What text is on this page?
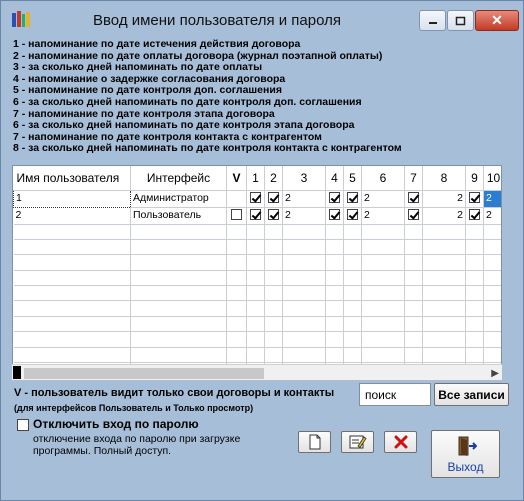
Ввод имени пользователя и пароля	✕
1 - напоминание по дате истечения действия договора
2 - напоминание по дате оплаты договора (журнал поэтапной оплаты)
3 - за сколько дней напоминать по дате оплаты
4 - напоминание о задержке согласования договора
5 - напоминание по дате контроля доп. соглашения
6 - за сколько дней напоминать по дате контроля доп. соглашения
7 - напоминание по дате контроля этапа договора
6 - за сколько дней напоминать по дате контроля этапа договора
7 - напоминание по дате контроля контакта с контрагентом
8 - за сколько дней напоминать по дате контроля контакта с контрагентом
Имя пользователя	Интерфейс	V	1	2	3	4	5	6	7	8	9	10
1	Администратор				2			2		2		2
2	Пользователь				2			2		2		2

▶
V - пользователь видит только свои договоры и контакты
(для интерфейсов Пользователь и Только просмотр)
поиск	Все записи
Отключить вход по паролю
отключение входа по паролю при загрузке программы. Полный доступ.
Выход
